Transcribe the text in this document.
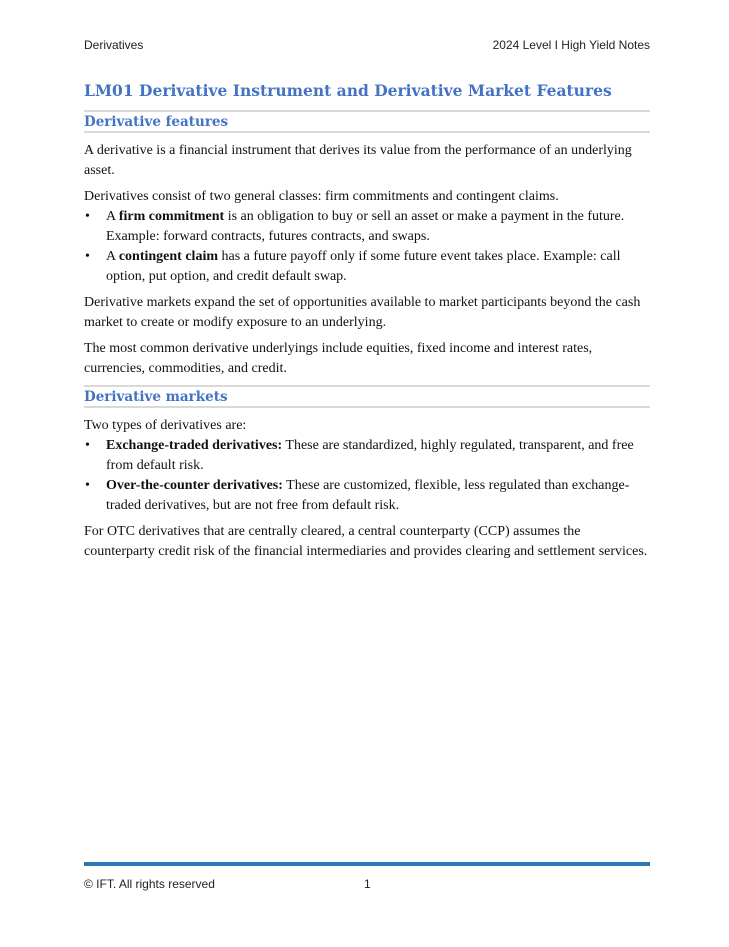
Derivatives	2024 Level I High Yield Notes
LM01 Derivative Instrument and Derivative Market Features
Derivative features

A derivative is a financial instrument that derives its value from the performance of an underlying asset.

Derivatives consist of two general classes: firm commitments and contingent claims.

• A firm commitment is an obligation to buy or sell an asset or make a payment in the future. Example: forward contracts, futures contracts, and swaps.
• A contingent claim has a future payoff only if some future event takes place. Example: call option, put option, and credit default swap.

Derivative markets expand the set of opportunities available to market participants beyond the cash market to create or modify exposure to an underlying.

The most common derivative underlyings include equities, fixed income and interest rates, currencies, commodities, and credit.

Derivative markets

Two types of derivatives are:

• Exchange-traded derivatives: These are standardized, highly regulated, transparent, and free from default risk.
• Over-the-counter derivatives: These are customized, flexible, less regulated than exchange-traded derivatives, but are not free from default risk.

For OTC derivatives that are centrally cleared, a central counterparty (CCP) assumes the counterparty credit risk of the financial intermediaries and provides clearing and settlement services.

© IFT. All rights reserved	1
